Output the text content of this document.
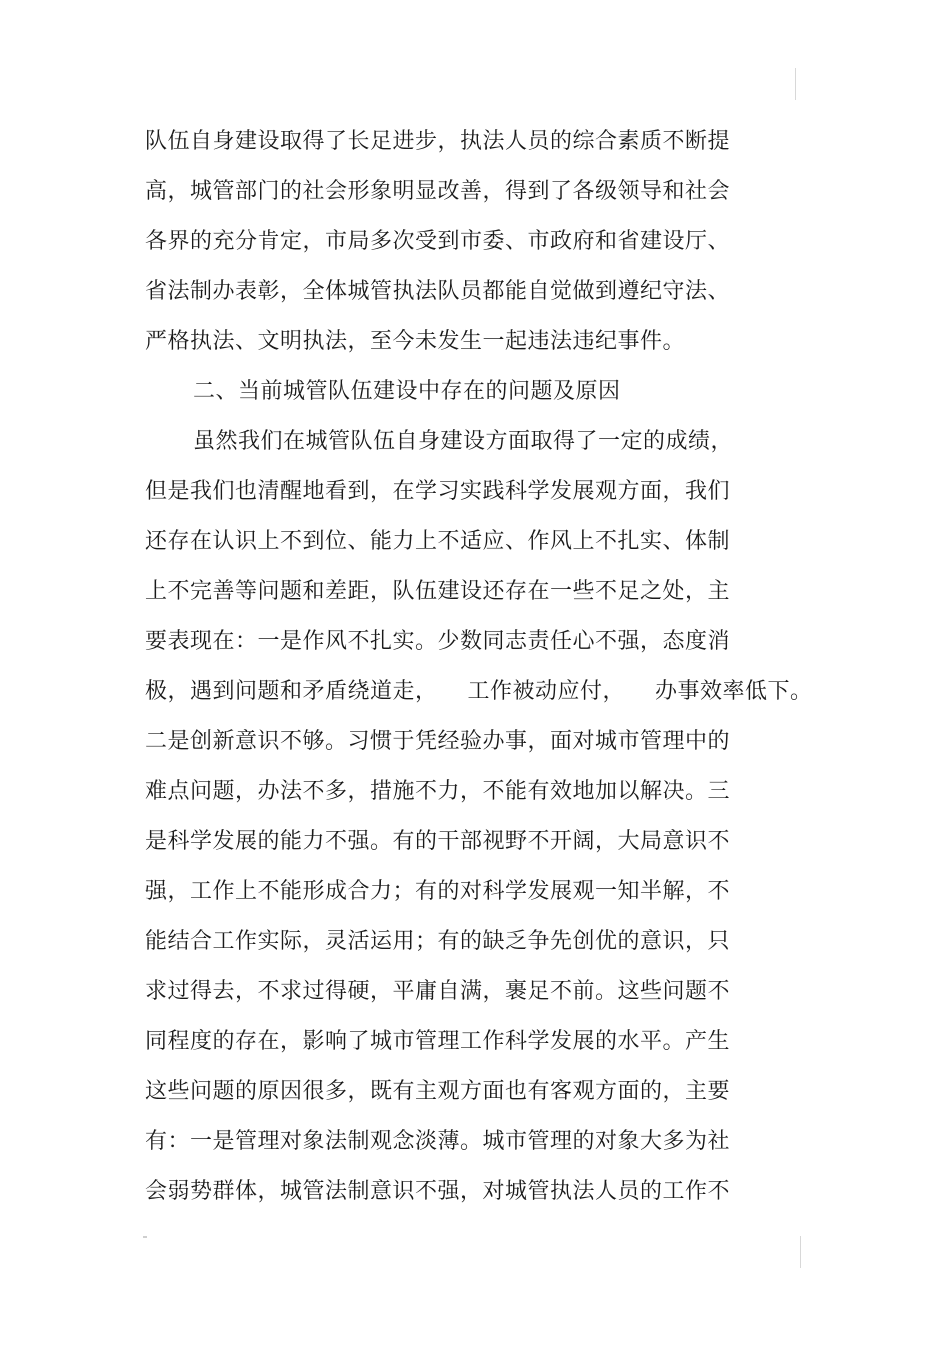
队伍自身建设取得了长足进步，执法人员的综合素质不断提
高，城管部门的社会形象明显改善，得到了各级领导和社会
各界的充分肯定，市局多次受到市委、市政府和省建设厅、
省法制办表彰，全体城管执法队员都能自觉做到遵纪守法、
严格执法、文明执法，至今未发生一起违法违纪事件。
二、当前城管队伍建设中存在的问题及原因
虽然我们在城管队伍自身建设方面取得了一定的成绩，
但是我们也清醒地看到，在学习实践科学发展观方面，我们
还存在认识上不到位、能力上不适应、作风上不扎实、体制
上不完善等问题和差距，队伍建设还存在一些不足之处，主
要表现在：一是作风不扎实。少数同志责任心不强，态度消
极，遇到问题和矛盾绕道走，    工作被动应付，    办事效率低下。
二是创新意识不够。习惯于凭经验办事，面对城市管理中的
难点问题，办法不多，措施不力，不能有效地加以解决。三
是科学发展的能力不强。有的干部视野不开阔，大局意识不
强，工作上不能形成合力；有的对科学发展观一知半解，不
能结合工作实际，灵活运用；有的缺乏争先创优的意识，只
求过得去，不求过得硬，平庸自满，裹足不前。这些问题不
同程度的存在，影响了城市管理工作科学发展的水平。产生
这些问题的原因很多，既有主观方面也有客观方面的，主要
有：一是管理对象法制观念淡薄。城市管理的对象大多为社
会弱势群体，城管法制意识不强，对城管执法人员的工作不
